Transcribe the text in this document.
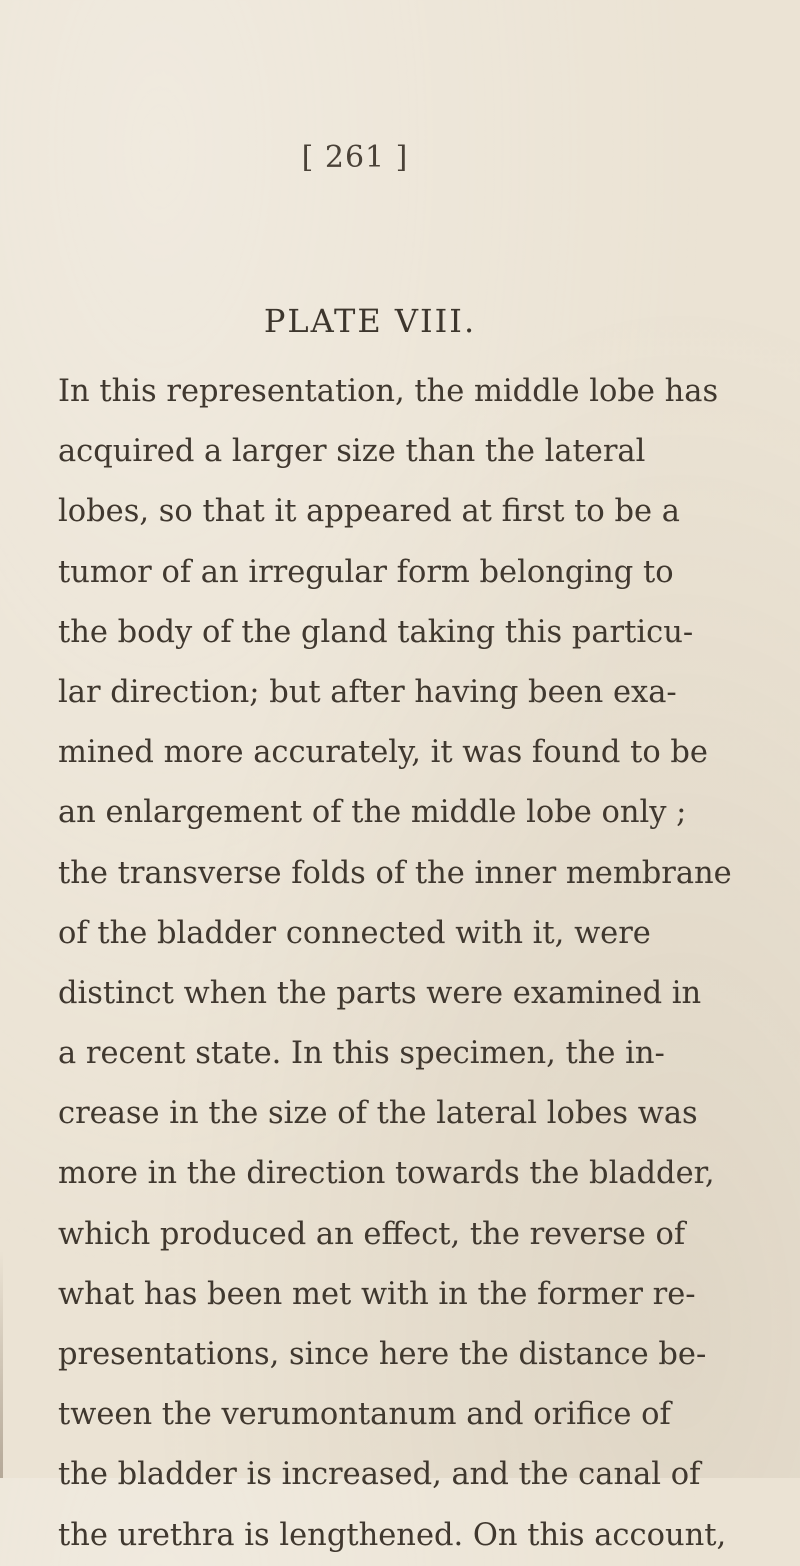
[ 261 ]
PLATE VIII.
In this representation, the middle lobe has
acquired a larger size than the lateral
lobes, so that it appeared at first to be a
tumor of an irregular form belonging to
the body of the gland taking this particu-
lar direction; but after having been exa-
mined more accurately, it was found to be
an enlargement of the middle lobe only ;
the transverse folds of the inner membrane
of the bladder connected with it, were
distinct when the parts were examined in
a recent state. In this specimen, the in-
crease in the size of the lateral lobes was
more in the direction towards the bladder,
which produced an effect, the reverse of
what has been met with in the former re-
presentations, since here the distance be-
tween the verumontanum and orifice of
the bladder is increased, and the canal of
the urethra is lengthened. On this account,
